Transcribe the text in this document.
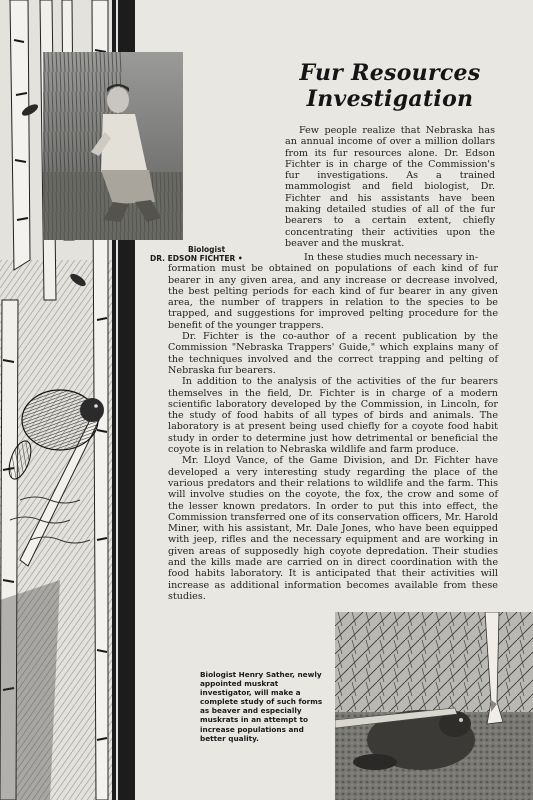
Biologist
DR. EDSON FICHTER •
Fur Resources
Investigation

Few people realize that Nebraska has an annual income of over a million dollars from its fur resources alone. Dr. Edson Fichter is in charge of the Commission's fur investigations. As a trained mammologist and field biologist, Dr. Fichter and his assistants have been making detailed studies of all of the fur bearers to a certain extent, chiefly concentrating their activities upon the beaver and the muskrat.

In these studies much necessary in-
formation must be obtained on populations of each kind of fur bearer in any given area, and any increase or decrease involved, the best pelting periods for each kind of fur bearer in any given area, the number of trappers in relation to the species to be trapped, and suggestions for improved pelting procedure for the benefit of the younger trappers.

Dr. Fichter is the co-author of a recent publication by the Commission "Nebraska Trappers' Guide," which explains many of the techniques involved and the correct trapping and pelting of Nebraska fur bearers.

In addition to the analysis of the activities of the fur bearers themselves in the field, Dr. Fichter is in charge of a modern scientific laboratory developed by the Commission, in Lincoln, for the study of food habits of all types of birds and animals. The laboratory is at present being used chiefly for a coyote food habit study in order to determine just how detrimental or beneficial the coyote is in relation to Nebraska wildlife and farm produce.

Mr. Lloyd Vance, of the Game Division, and Dr. Fichter have developed a very interesting study regarding the place of the various predators and their relations to wildlife and the farm. This will involve studies on the coyote, the fox, the crow and some of the lesser known predators. In order to put this into effect, the Commission transferred one of its conservation officers, Mr. Harold Miner, with his assistant, Mr. Dale Jones, who have been equipped with jeep, rifles and the necessary equipment and are working in given areas of supposedly high coyote depredation. Their studies and the kills made are carried on in direct coordination with the food habits laboratory. It is anticipated that their activities will increase as additional information becomes available from these studies.

Biologist Henry Sather, newly appointed muskrat investigator, will make a complete study of such forms as beaver and especially muskrats in an attempt to increase populations and better quality.
